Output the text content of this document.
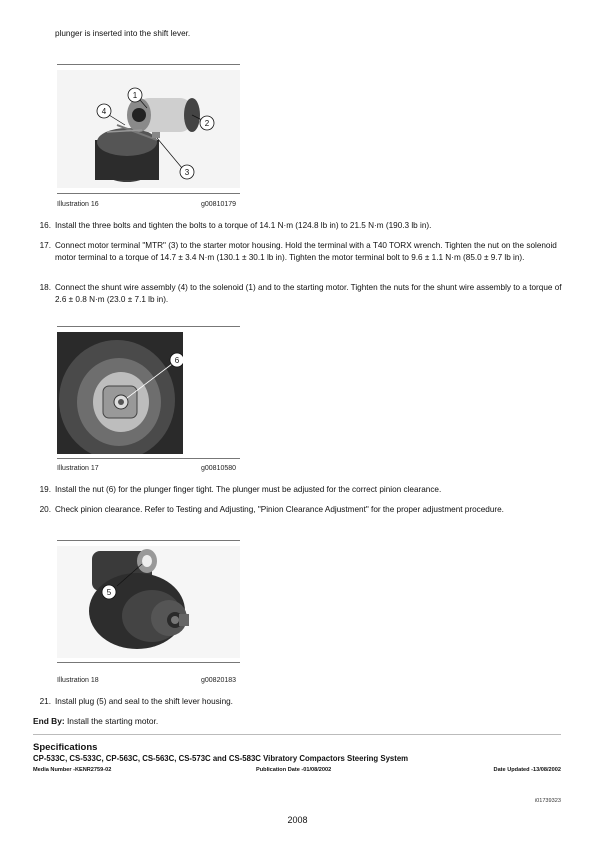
plunger is inserted into the shift lever.
1
2
3
4
Illustration 16	g00810179
16. Install the three bolts and tighten the bolts to a torque of 14.1 N·m (124.8 lb in) to 21.5 N·m (190.3 lb in).
17. Connect motor terminal "MTR" (3) to the starter motor housing. Hold the terminal with a T40 TORX wrench. Tighten the nut on the solenoid motor terminal to a torque of 14.7 ± 3.4 N·m (130.1 ± 30.1 lb in). Tighten the motor terminal bolt to 9.6 ± 1.1 N·m (85.0 ± 9.7 lb in).
18. Connect the shunt wire assembly (4) to the solenoid (1) and to the starting motor. Tighten the nuts for the shunt wire assembly to a torque of 2.6 ± 0.8 N·m (23.0 ± 7.1 lb in).
6
Illustration 17	g00810580
19. Install the nut (6) for the plunger finger tight. The plunger must be adjusted for the correct pinion clearance.
20. Check pinion clearance. Refer to Testing and Adjusting, "Pinion Clearance Adjustment" for the proper adjustment procedure.
5
Illustration 18	g00820183
21. Install plug (5) and seal to the shift lever housing.
End By: Install the starting motor.
Specifications
CP-533C, CS-533C, CP-563C, CS-563C, CS-573C and CS-583C Vibratory Compactors Steering System
Media Number -KENR2759-02	Publication Date -01/08/2002	Date Updated -13/08/2002
i01739323
2008
